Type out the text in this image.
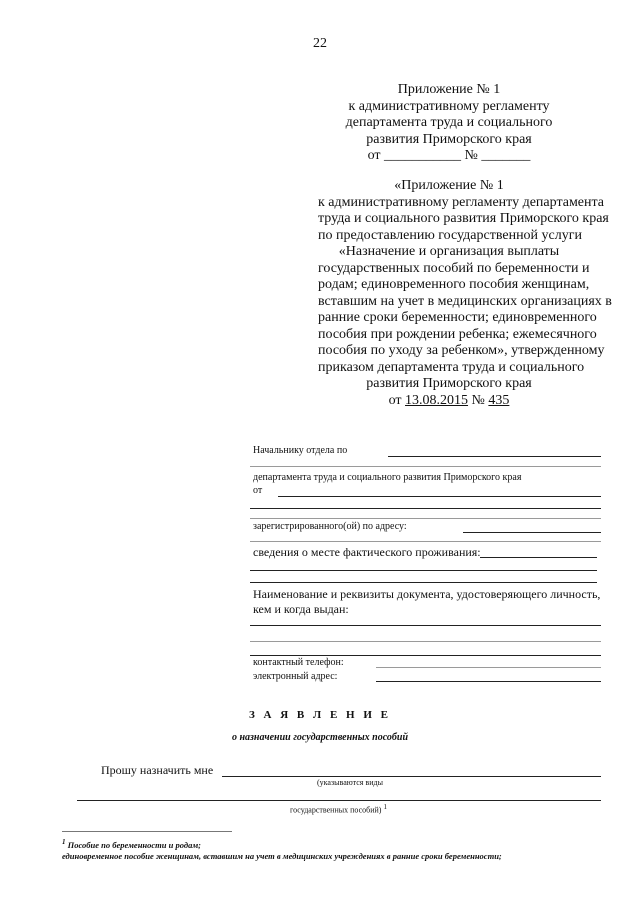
22
Приложение № 1
к административному регламенту
департамента труда и социального
развития Приморского края
от ___________ № _______
«Приложение № 1
к административному регламенту департамента
труда и социального развития Приморского края
по предоставлению государственной услуги
«Назначение и организация выплаты
государственных пособий по беременности и
родам; единовременного пособия женщинам,
вставшим на учет в медицинских организациях в
ранние сроки беременности; единовременного
пособия при рождении ребенка; ежемесячного
пособия по уходу за ребенком», утвержденному
приказом департамента труда и социального
развития Приморского края
от 13.08.2015 № 435
Начальнику отдела по
департамента труда и социального развития Приморского края
от
зарегистрированного(ой) по адресу:
сведения о месте фактического проживания:
Наименование и реквизиты документа, удостоверяющего личность,
кем и когда выдан:
контактный телефон:
электронный адрес:
З А Я В Л Е Н И Е
о назначении государственных пособий
Прошу назначить мне
(указываются виды
государственных пособий) $^1$
$^1$ Пособие по беременности и родам;
единовременное пособие женщинам, вставшим на учет в медицинских учреждениях в ранние сроки беременности;
